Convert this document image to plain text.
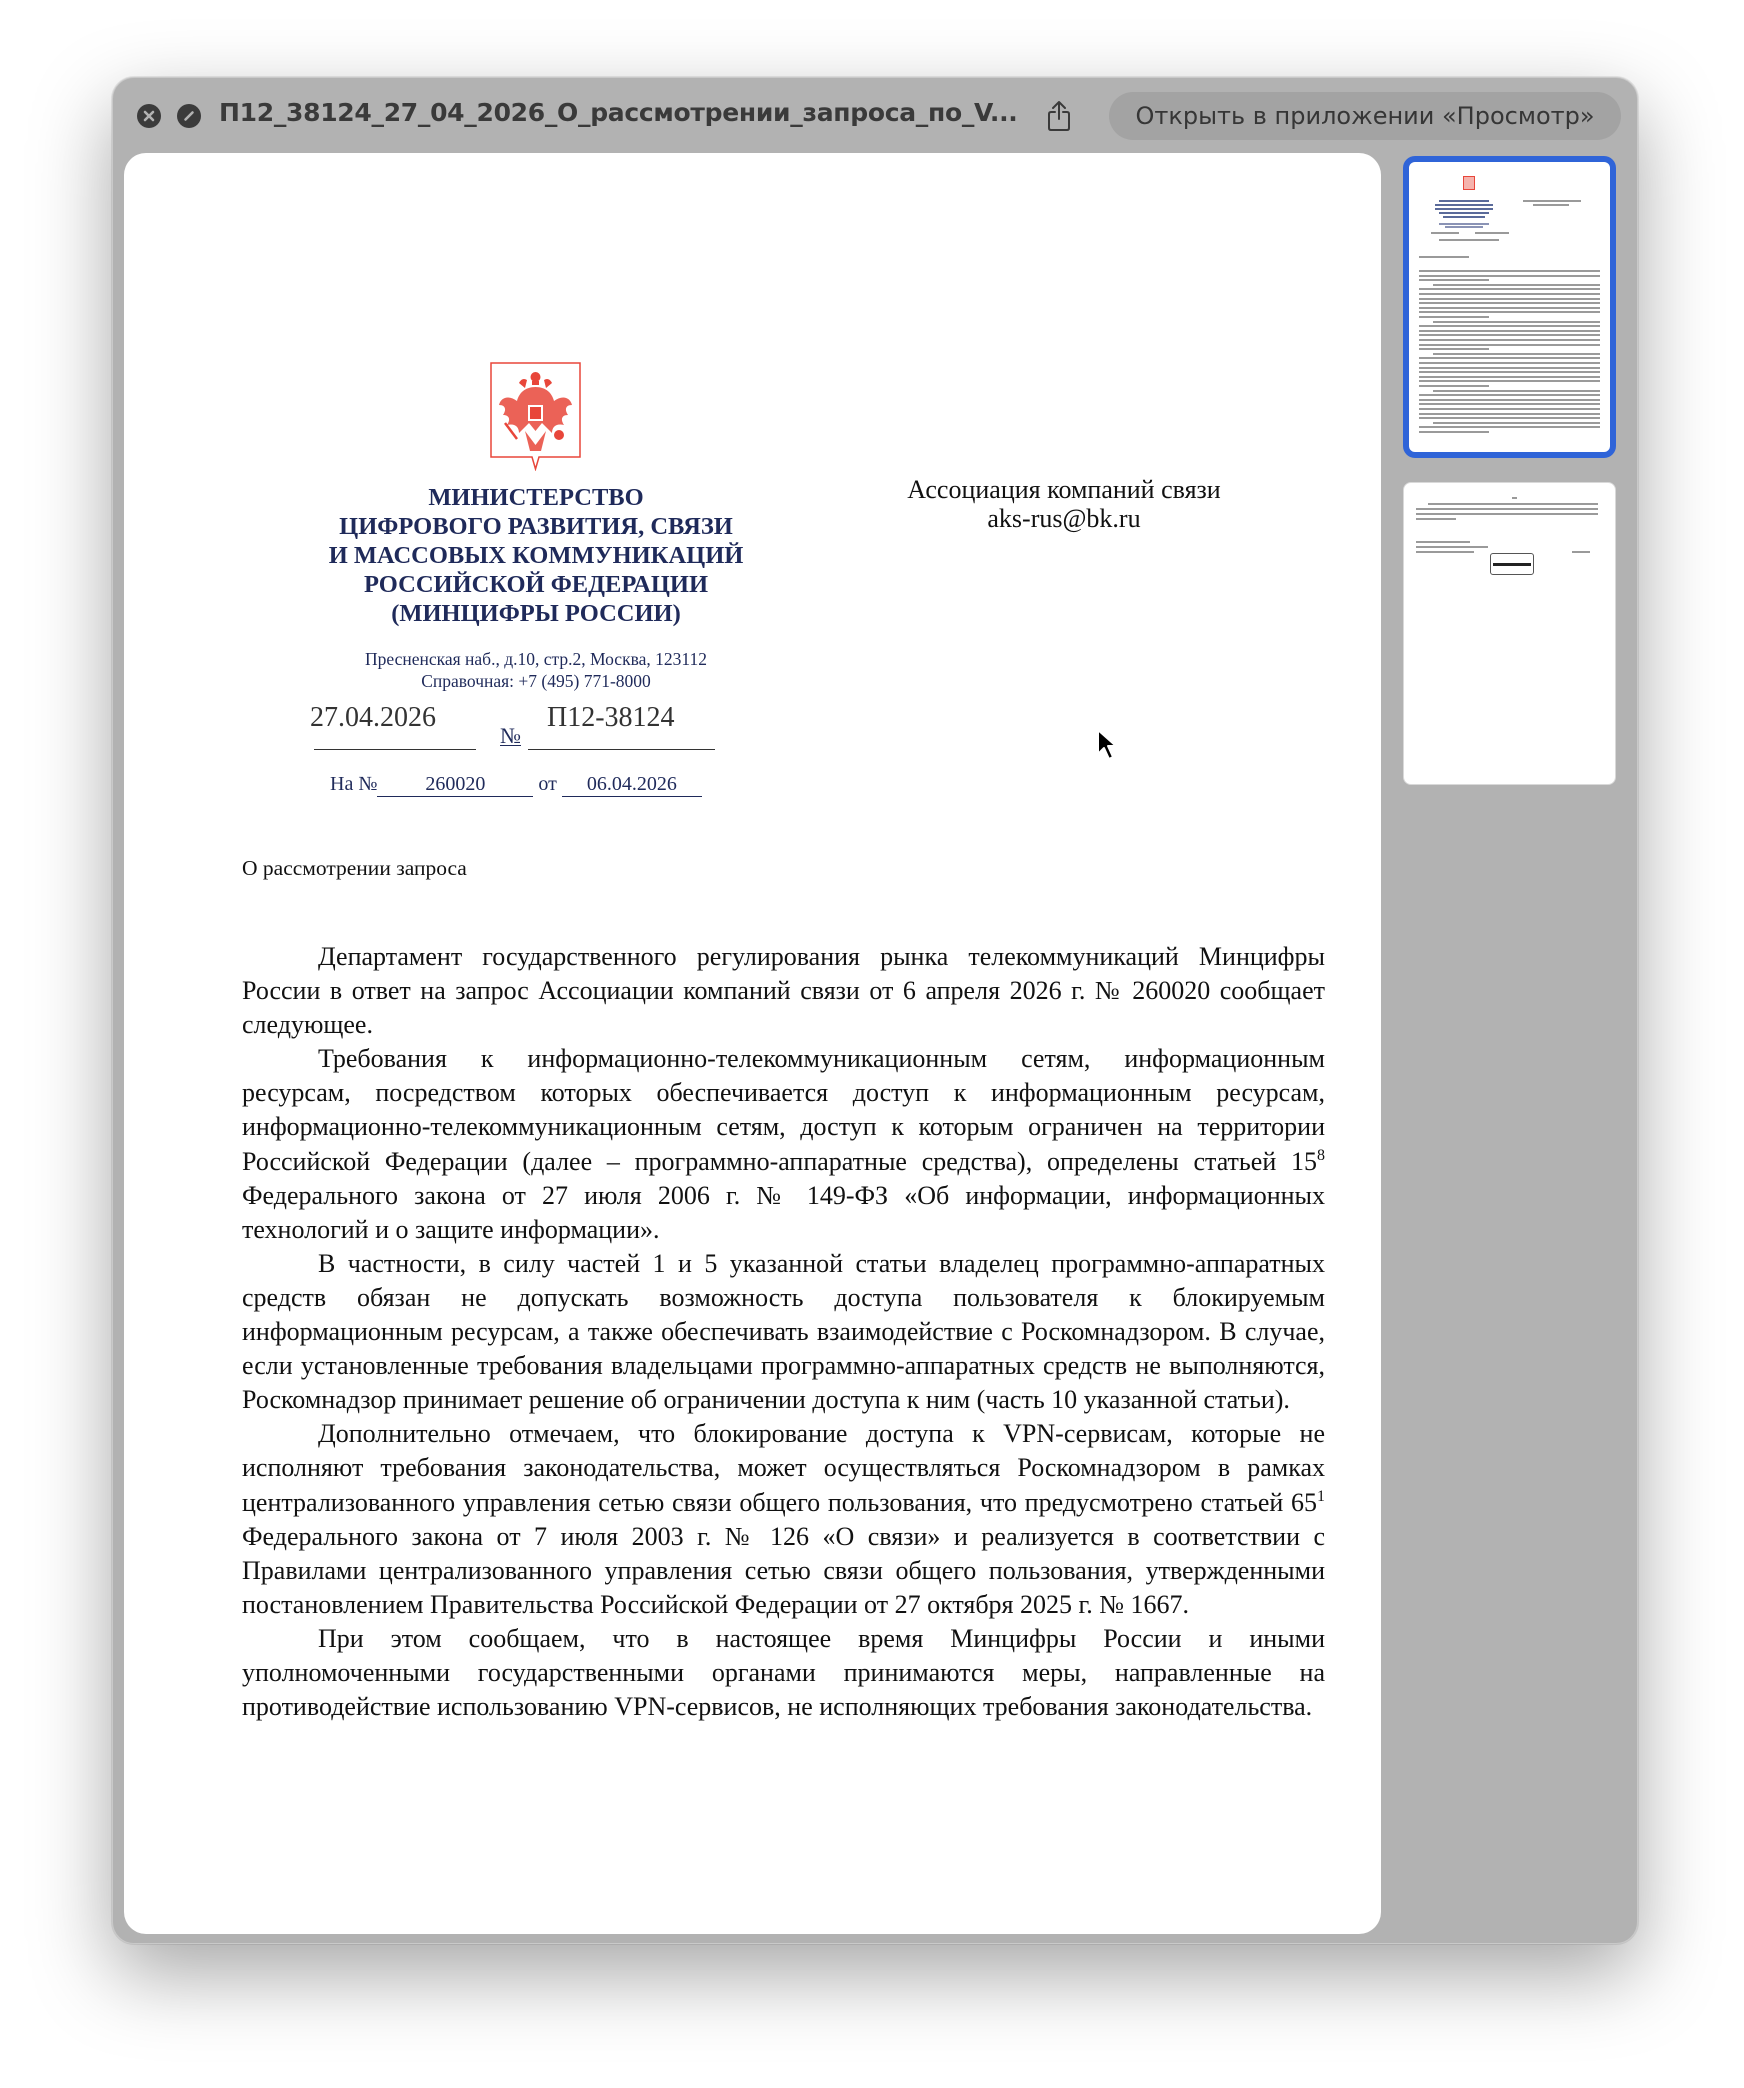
П12_38124_27_04_2026_О_рассмотрении_запроса_по_V...	Открыть в приложении «Просмотр»
МИНИСТЕРСТВО
ЦИФРОВОГО РАЗВИТИЯ, СВЯЗИ
И МАССОВЫХ КОММУНИКАЦИЙ
РОССИЙСКОЙ ФЕДЕРАЦИИ
(МИНЦИФРЫ РОССИИ)
Пресненская наб., д.10, стр.2, Москва, 123112
Справочная: +7 (495) 771-8000
27.04.2026
№
П12-38124
На № 260020	от 06.04.2026
Ассоциация компаний связи
aks-rus@bk.ru
О рассмотрении запроса

Департамент государственного регулирования рынка телекоммуникаций Минцифры России в ответ на запрос Ассоциации компаний связи от 6 апреля 2026 г. № 260020 сообщает следующее.

Требования к информационно-телекоммуникационным сетям, информационным ресурсам, посредством которых обеспечивается доступ к информационным ресурсам, информационно-телекоммуникационным сетям, доступ к которым ограничен на территории Российской Федерации (далее – программно-аппаратные средства), определены статьей $15^8$ Федерального закона от 27 июля 2006 г. № 149-ФЗ «Об информации, информационных технологий и о защите информации».

В частности, в силу частей 1 и 5 указанной статьи владелец программно-аппаратных средств обязан не допускать возможность доступа пользователя к блокируемым информационным ресурсам, а также обеспечивать взаимодействие с Роскомнадзором. В случае, если установленные требования владельцами программно-аппаратных средств не выполняются, Роскомнадзор принимает решение об ограничении доступа к ним (часть 10 указанной статьи).

Дополнительно отмечаем, что блокирование доступа к VPN-сервисам, которые не исполняют требования законодательства, может осуществляться Роскомнадзором в рамках централизованного управления сетью связи общего пользования, что предусмотрено статьей $65^1$ Федерального закона от 7 июля 2003 г. № 126 «О связи» и реализуется в соответствии с Правилами централизованного управления сетью связи общего пользования, утвержденными постановлением Правительства Российской Федерации от 27 октября 2025 г. № 1667.

При этом сообщаем, что в настоящее время Минцифры России и иными уполномоченными государственными органами принимаются меры, направленные на противодействие использованию VPN-сервисов, не исполняющих требования законодательства.
